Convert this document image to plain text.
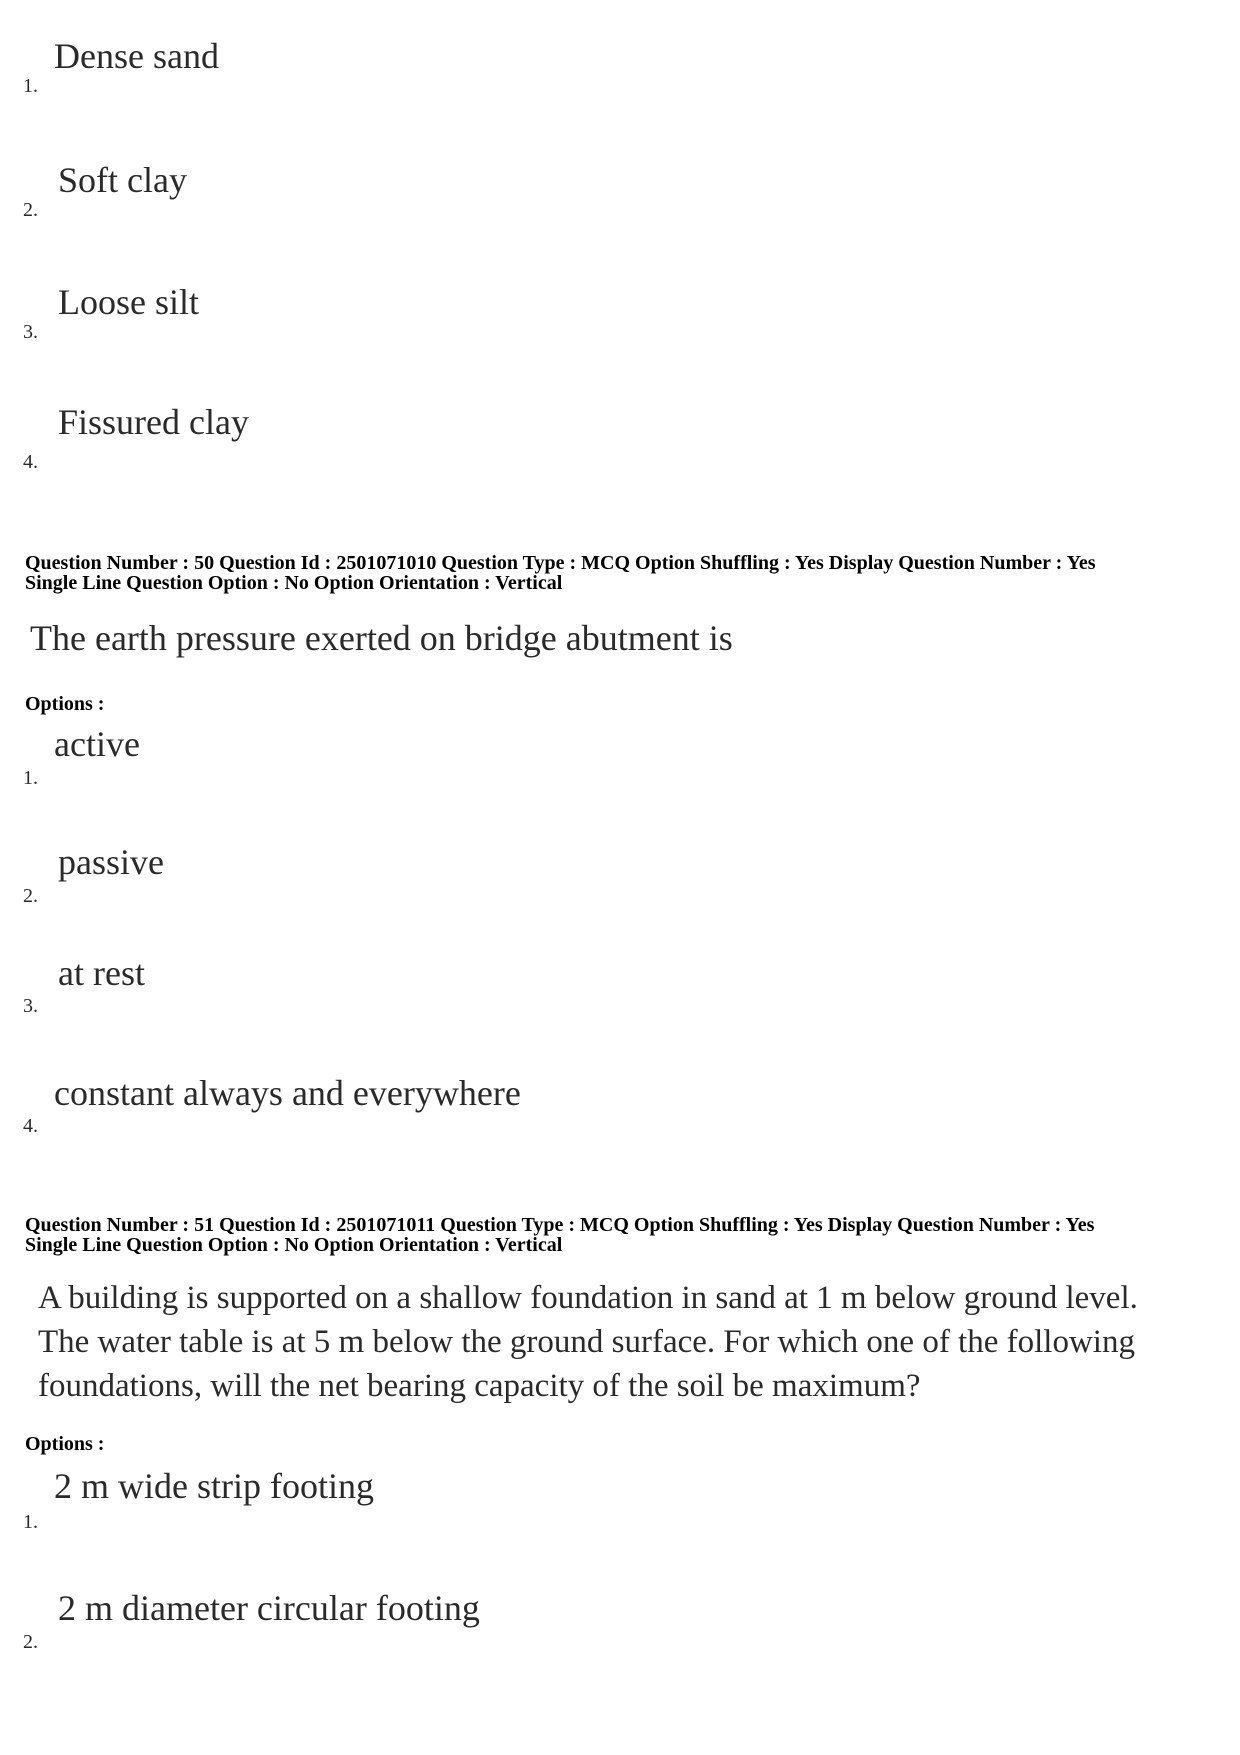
Dense sand
1.
Soft clay
2.
Loose silt
3.
Fissured clay
4.
Question Number : 50 Question Id : 2501071010 Question Type : MCQ Option Shuffling : Yes Display Question Number : Yes
Single Line Question Option : No Option Orientation : Vertical
The earth pressure exerted on bridge abutment is
Options :
active
1.
passive
2.
at rest
3.
constant always and everywhere
4.
Question Number : 51 Question Id : 2501071011 Question Type : MCQ Option Shuffling : Yes Display Question Number : Yes
Single Line Question Option : No Option Orientation : Vertical
A building is supported on a shallow foundation in sand at 1 m below ground level.
The water table is at 5 m below the ground surface. For which one of the following
foundations, will the net bearing capacity of the soil be maximum?
Options :
2 m wide strip footing
1.
2 m diameter circular footing
2.
